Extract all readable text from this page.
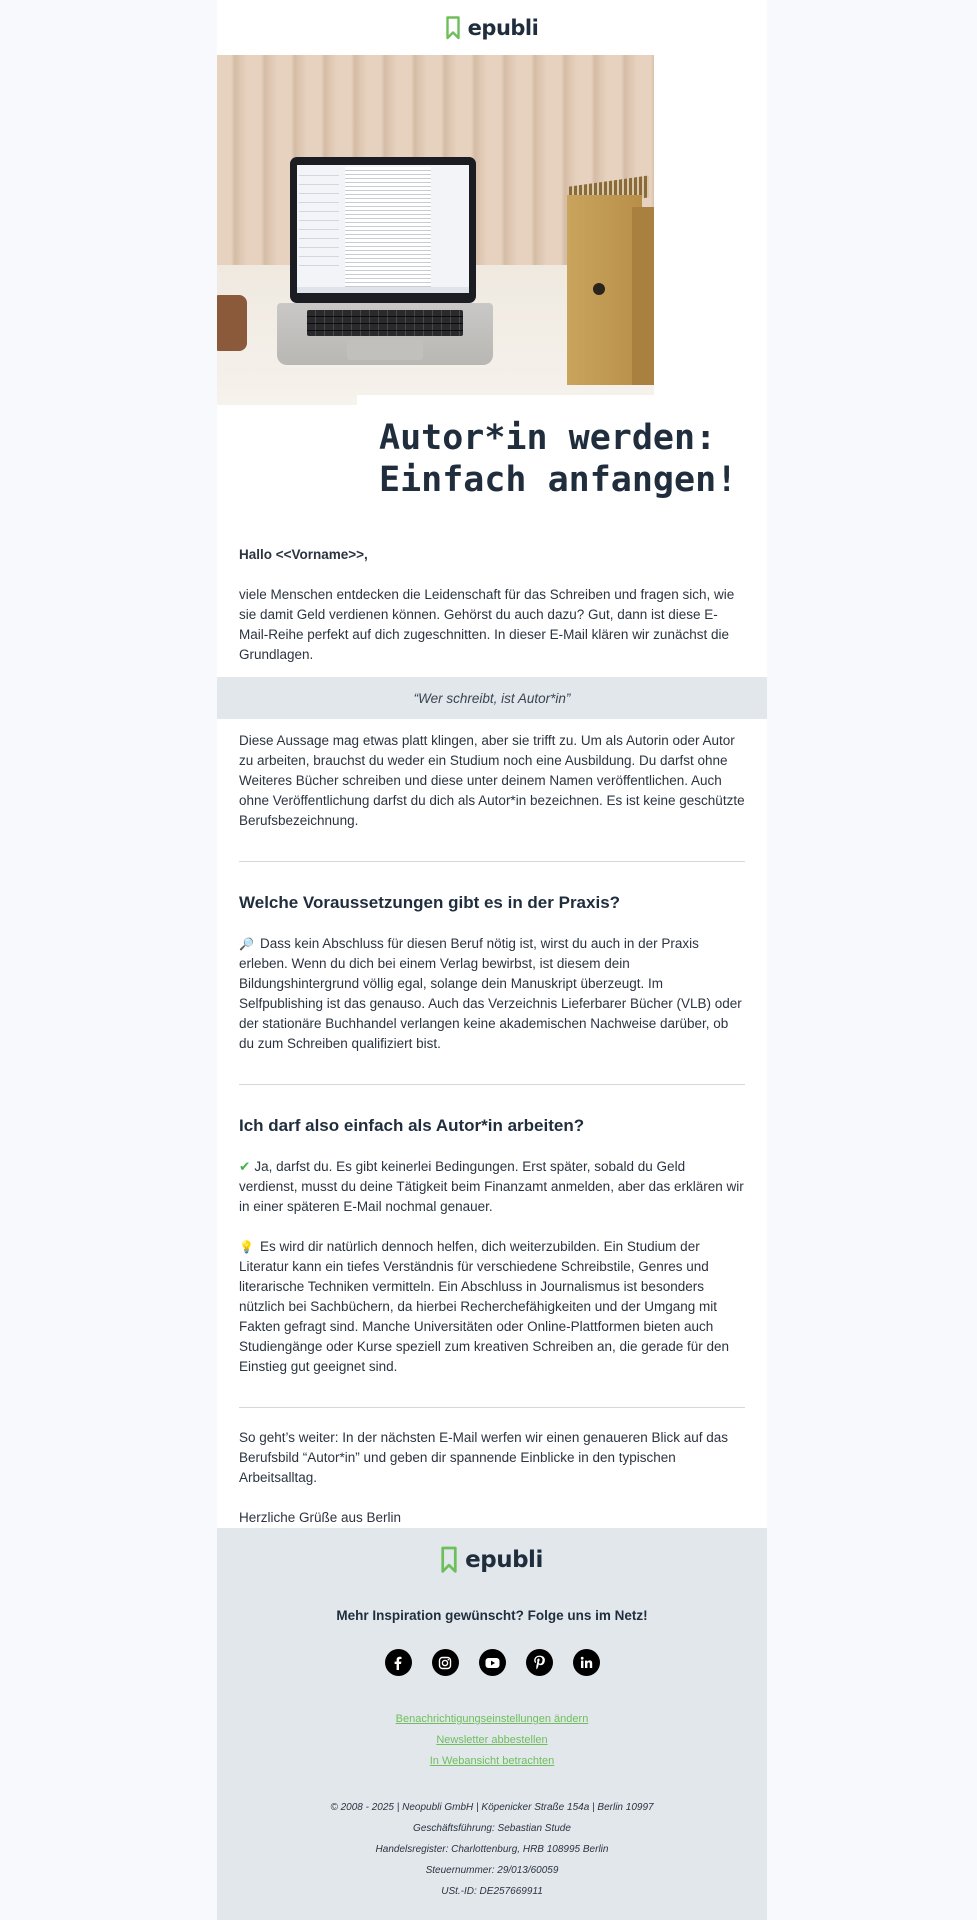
epubli
Autor*in werden:
Einfach anfangen!

Hallo <<Vorname>>,

viele Menschen entdecken die Leidenschaft für das Schreiben und fragen sich, wie sie damit Geld verdienen können. Gehörst du auch dazu? Gut, dann ist diese E-Mail-Reihe perfekt auf dich zugeschnitten. In dieser E-Mail klären wir zunächst die Grundlagen.

“Wer schreibt, ist Autor*in”

Diese Aussage mag etwas platt klingen, aber sie trifft zu. Um als Autorin oder Autor zu arbeiten, brauchst du weder ein Studium noch eine Ausbildung. Du darfst ohne Weiteres Bücher schreiben und diese unter deinem Namen veröffentlichen. Auch ohne Veröffentlichung darfst du dich als Autor*in bezeichnen. Es ist keine geschützte Berufsbezeichnung.

Welche Voraussetzungen gibt es in der Praxis?

🔎 Dass kein Abschluss für diesen Beruf nötig ist, wirst du auch in der Praxis erleben. Wenn du dich bei einem Verlag bewirbst, ist diesem dein Bildungshintergrund völlig egal, solange dein Manuskript überzeugt. Im Selfpublishing ist das genauso. Auch das Verzeichnis Lieferbarer Bücher (VLB) oder der stationäre Buchhandel verlangen keine akademischen Nachweise darüber, ob du zum Schreiben qualifiziert bist.

Ich darf also einfach als Autor*in arbeiten?

✔ Ja, darfst du. Es gibt keinerlei Bedingungen. Erst später, sobald du Geld verdienst, musst du deine Tätigkeit beim Finanzamt anmelden, aber das erklären wir in einer späteren E-Mail nochmal genauer.

💡 Es wird dir natürlich dennoch helfen, dich weiterzubilden. Ein Studium der Literatur kann ein tiefes Verständnis für verschiedene Schreibstile, Genres und literarische Techniken vermitteln. Ein Abschluss in Journalismus ist besonders nützlich bei Sachbüchern, da hierbei Recherchefähigkeiten und der Umgang mit Fakten gefragt sind. Manche Universitäten oder Online-Plattformen bieten auch Studiengänge oder Kurse speziell zum kreativen Schreiben an, die gerade für den Einstieg gut geeignet sind.

So geht’s weiter: In der nächsten E-Mail werfen wir einen genaueren Blick auf das Berufsbild “Autor*in” und geben dir spannende Einblicke in den typischen Arbeitsalltag.

Herzliche Grüße aus Berlin

epubli
Mehr Inspiration gewünscht? Folge uns im Netz!
Benachrichtigungseinstellungen ändern
Newsletter abbestellen
In Webansicht betrachten
© 2008 - 2025 | Neopubli GmbH | Köpenicker Straße 154a | Berlin 10997
Geschäftsführung: Sebastian Stude
Handelsregister: Charlottenburg, HRB 108995 Berlin
Steuernummer: 29/013/60059
USt.-ID: DE257669911
